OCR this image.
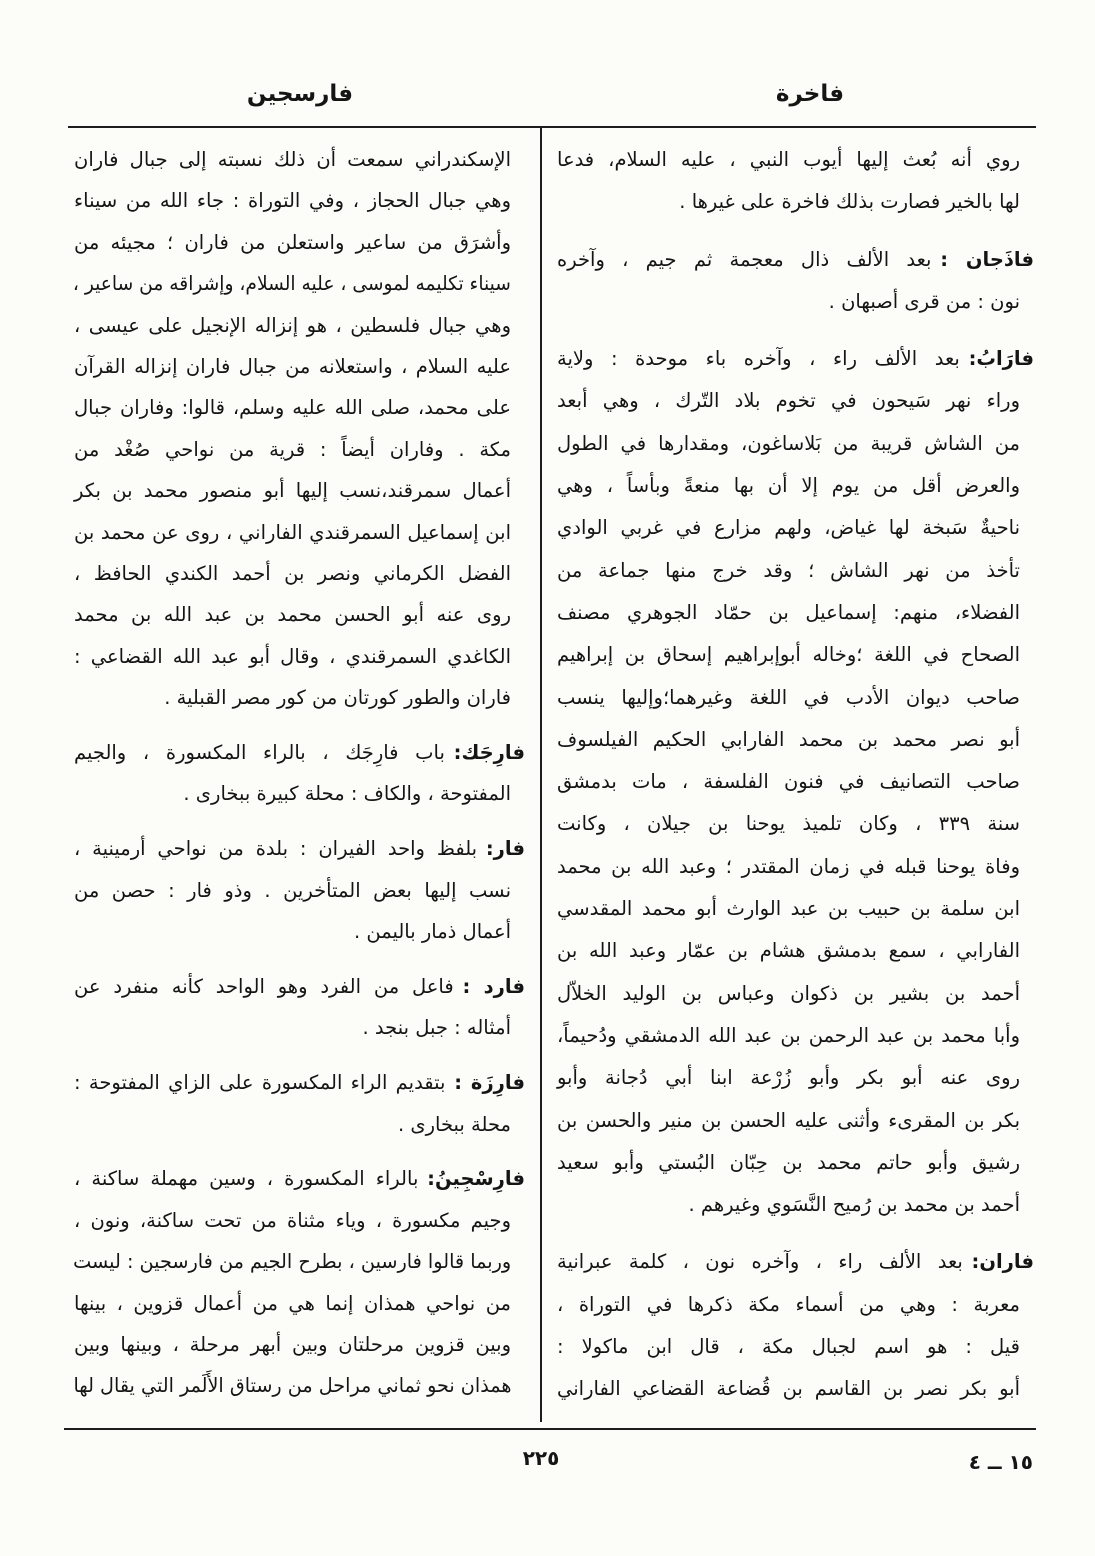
فاخرة
فارسجين
روي أنه بُعث إليها أيوب النبي ، عليه السلام، فدعا
لها بالخير فصارت بذلك فاخرة على غيرها .
فاذَجان :بعد الألف ذال معجمة ثم جيم ، وآخره
نون : من قرى أصبهان .
فارَابُ:بعد الألف راء ، وآخره باء موحدة : ولاية
وراء نهر سَيحون في تخوم بلاد التّرك ، وهي أبعد
من الشاش قريبة من بَلاساغون، ومقدارها في الطول
والعرض أقل من يوم إلا أن بها منعةً وبأساً ، وهي
ناحيةٌ سَبخة لها غياض، ولهم مزارع في غربي الوادي
تأخذ من نهر الشاش ؛ وقد خرج منها جماعة من
الفضلاء، منهم: إسماعيل بن حمّاد الجوهري مصنف
الصحاح في اللغة ؛وخاله أبوإبراهيم إسحاق بن إبراهيم
صاحب ديوان الأدب في اللغة وغيرهما؛وإليها ينسب
أبو نصر محمد بن محمد الفارابي الحكيم الفيلسوف
صاحب التصانيف في فنون الفلسفة ، مات بدمشق
سنة ٣٣٩ ، وكان تلميذ يوحنا بن جيلان ، وكانت
وفاة يوحنا قبله في زمان المقتدر ؛ وعبد الله بن محمد
ابن سلمة بن حبيب بن عبد الوارث أبو محمد المقدسي
الفارابي ، سمع بدمشق هشام بن عمّار وعبد الله بن
أحمد بن بشير بن ذكوان وعباس بن الوليد الخلاّل
وأبا محمد بن عبد الرحمن بن عبد الله الدمشقي ودُحيماً،
روى عنه أبو بكر وأبو زُرْعة ابنا أبي دُجانة وأبو
بكر بن المقرىء وأثنى عليه الحسن بن منير والحسن بن
رشيق وأبو حاتم محمد بن حِبّان البُستي وأبو سعيد
أحمد بن محمد بن رُميح النَّسَوي وغيرهم .
فاران:بعد الألف راء ، وآخره نون ، كلمة عبرانية
معربة : وهي من أسماء مكة ذكرها في التوراة ،
قيل : هو اسم لجبال مكة ، قال ابن ماكولا :
أبو بكر نصر بن القاسم بن قُضاعة القضاعي الفاراني
الإسكندراني سمعت أن ذلك نسبته إلى جبال فاران
وهي جبال الحجاز ، وفي التوراة : جاء الله من سيناء
وأشرَق من ساعير واستعلن من فاران ؛ مجيئه من
سيناء تكليمه لموسى ، عليه السلام، وإشراقه من ساعير ،
وهي جبال فلسطين ، هو إنزاله الإنجيل على عيسى ،
عليه السلام ، واستعلانه من جبال فاران إنزاله القرآن
على محمد، صلى الله عليه وسلم، قالوا: وفاران جبال
مكة . وفاران أيضاً : قرية من نواحي صُغْد من
أعمال سمرقند،نسب إليها أبو منصور محمد بن بكر
ابن إسماعيل السمرقندي الفاراني ، روى عن محمد بن
الفضل الكرماني ونصر بن أحمد الكندي الحافظ ،
روى عنه أبو الحسن محمد بن عبد الله بن محمد
الكاغدي السمرقندي ، وقال أبو عبد الله القضاعي :
فاران والطور كورتان من كور مصر القبلية .
فارِجَك:باب فارِجَك ، بالراء المكسورة ، والجيم
المفتوحة ، والكاف : محلة كبيرة ببخارى .
فار:بلفظ واحد الفيران : بلدة من نواحي أرمينية ،
نسب إليها بعض المتأخرين . وذو فار : حصن من
أعمال ذمار باليمن .
فارد :فاعل من الفرد وهو الواحد كأنه منفرد عن
أمثاله : جبل بنجد .
فارِزَة :بتقديم الراء المكسورة على الزاي المفتوحة :
محلة ببخارى .
فارِسْجِينُ:بالراء المكسورة ، وسين مهملة ساكنة ،
وجيم مكسورة ، وياء مثناة من تحت ساكنة، ونون ،
وربما قالوا فارسين ، بطرح الجيم من فارسجين : ليست
من نواحي همذان إنما هي من أعمال قزوين ، بينها
وبين قزوين مرحلتان وبين أبهر مرحلة ، وبينها وبين
همذان نحو ثماني مراحل من رستاق الأَلَمر التي يقال لها
٢٢٥	١٥ ــ ٤
